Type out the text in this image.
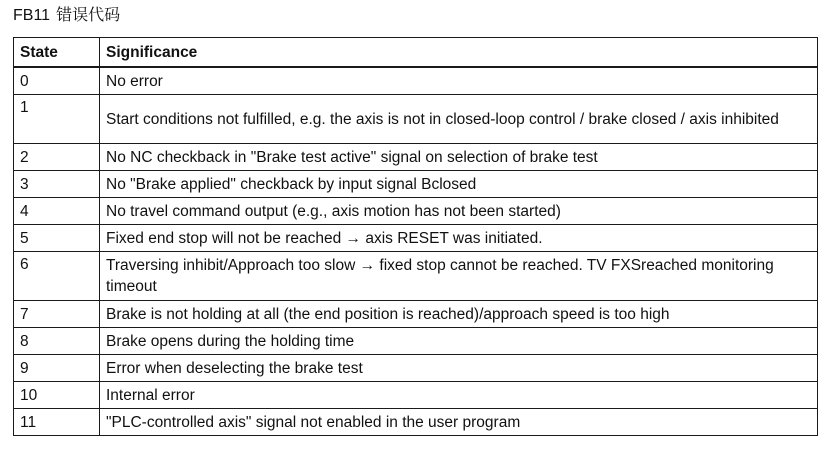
FB11 错误代码
State	Significance
0	No error
1	Start conditions not fulfilled, e.g. the axis is not in closed-loop control / brake closed / axis inhibited
2	No NC checkback in "Brake test active" signal on selection of brake test
3	No "Brake applied" checkback by input signal Bclosed
4	No travel command output (e.g., axis motion has not been started)
5	Fixed end stop will not be reached → axis RESET was initiated.
6	Traversing inhibit/Approach too slow → fixed stop cannot be reached. TV FXSreached monitoring timeout
7	Brake is not holding at all (the end position is reached)/approach speed is too high
8	Brake opens during the holding time
9	Error when deselecting the brake test
10	Internal error
11	"PLC-controlled axis" signal not enabled in the user program
